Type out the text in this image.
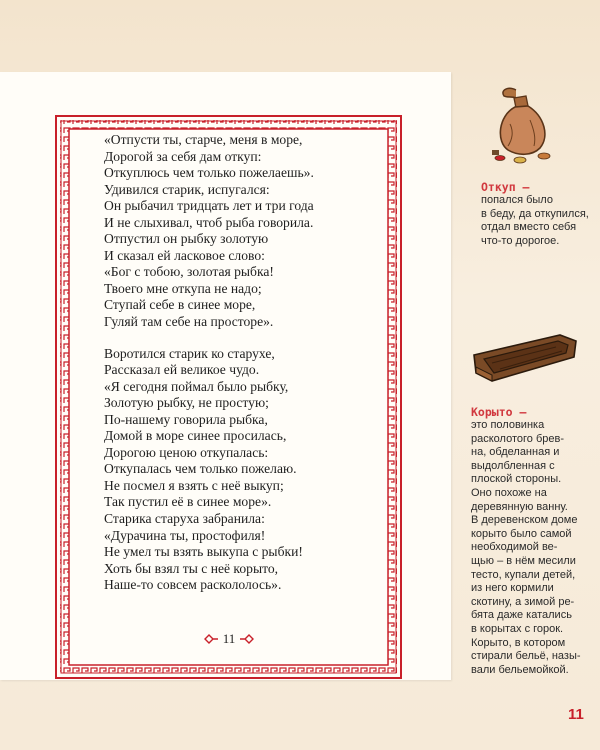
«Отпусти ты, старче, меня в море,
Дорогой за себя дам откуп:
Откуплюсь чем только пожелаешь».
Удивился старик, испугался:
Он рыбачил тридцать лет и три года
И не слыхивал, чтоб рыба говорила.
Отпустил он рыбку золотую
И сказал ей ласковое слово:
«Бог с тобою, золотая рыбка!
Твоего мне откупа не надо;
Ступай себе в синее море,
Гуляй там себе на просторе».
Воротился старик ко старухе,
Рассказал ей великое чудо.
«Я сегодня поймал было рыбку,
Золотую рыбку, не простую;
По-нашему говорила рыбка,
Домой в море синее просилась,
Дорогою ценою откупалась:
Откупалась чем только пожелаю.
Не посмел я взять с неё выкуп;
Так пустил её в синее море».
Старика старуха забранила:
«Дурачина ты, простофиля!
Не умел ты взять выкупа с рыбки!
Хоть бы взял ты с неё корыто,
Наше-то совсем раскололось».
11
Откуп –
попался было
в беду, да откупился,
отдал вместо себя
что-то дорогое.
Корыто –
это половинка
расколотого брев-
на, обделанная и
выдолбленная с
плоской стороны.
Оно похоже на
деревянную ванну.
В деревенском доме
корыто было самой
необходимой ве-
щью – в нём месили
тесто, купали детей,
из него кормили
скотину, а зимой ре-
бята даже катались
в корытах с горок.
Корыто, в котором
стирали бельё, назы-
вали бельемойкой.
11
